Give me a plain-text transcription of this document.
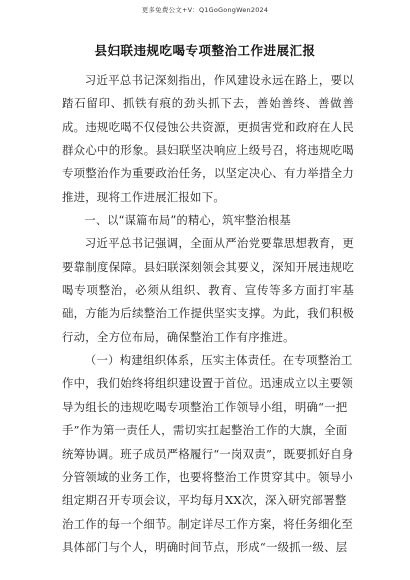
更多免费公文+V：Q1GoGongWen2024
县妇联违规吃喝专项整治工作进展汇报

习近平总书记深刻指出，作风建设永远在路上，要以踏石留印、抓铁有痕的劲头抓下去，善始善终、善做善成。违规吃喝不仅侵蚀公共资源，更损害党和政府在人民群众心中的形象。县妇联坚决响应上级号召，将违规吃喝专项整治作为重要政治任务，以坚定决心、有力举措全力推进，现将工作进展汇报如下。

一、以“谋篇布局”的精心，筑牢整治根基

习近平总书记强调，全面从严治党要靠思想教育，更要靠制度保障。县妇联深刻领会其要义，深知开展违规吃喝专项整治，必须从组织、教育、宣传等多方面打牢基础，方能为后续整治工作提供坚实支撑。为此，我们积极行动，全方位布局，确保整治工作有序推进。

（一）构建组织体系，压实主体责任。在专项整治工作中，我们始终将组织建设置于首位。迅速成立以主要领导为组长的违规吃喝专项整治工作领导小组，明确“一把手”作为第一责任人，需切实扛起整治工作的大旗，全面统筹协调。班子成员严格履行“一岗双责”，既要抓好自身分管领域的业务工作，也要将整治工作贯穿其中。领导小组定期召开专项会议，平均每月XX次，深入研究部署整治工作的每一个细节。制定详尽工作方案，将任务细化至具体部门与个人，明确时间节点，形成“一级抓一级、层
